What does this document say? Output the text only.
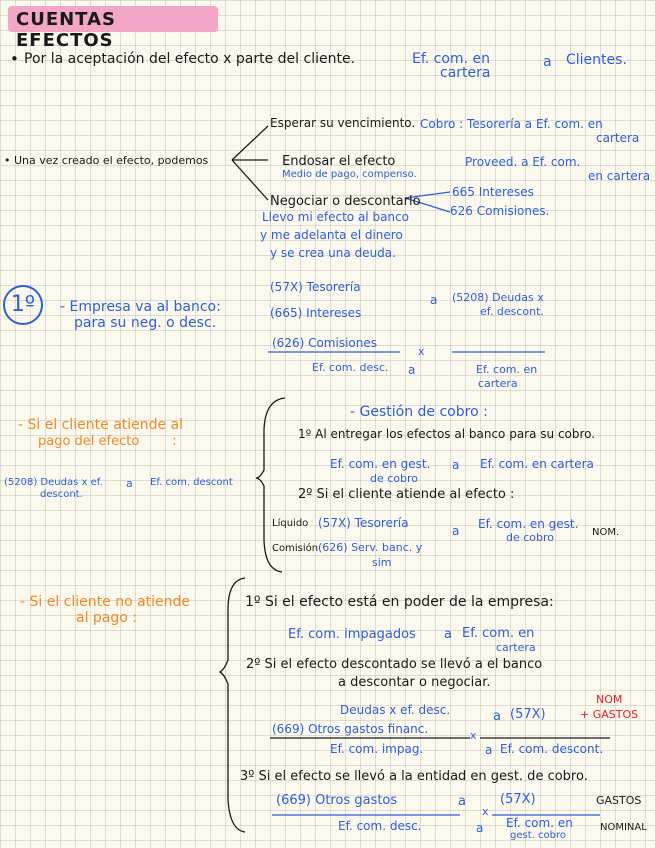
CUENTAS EFECTOS
• Por la aceptación del efecto x parte del cliente.	Ef. com. en
cartera
a Clientes.
• Una vez creado el efecto, podemos
Esperar su vencimiento. Cobro : Tesorería a Ef. com. en
cartera
Endosar el efecto
Medio de pago, compenso.
Proveed. a Ef. com.
en cartera
Negociar o descontarlo
665 Intereses
626 Comisiones.
Llevo mi efecto al banco
y me adelanta el dinero
y se crea una deuda.
1º	- Empresa va al banco:
para su neg. o desc.
(57X) Tesorería
(665) Intereses
(626) Comisiones
a (5208) Deudas x
ef. descont.
x
Ef. com. desc. a	Ef. com. en
cartera
- Si el cliente atiende al
pago del efecto :
(5208) Deudas x ef.
descont.
a Ef. com. descont
- Gestión de cobro :
1º Al entregar los efectos al banco para su cobro.
Ef. com. en gest.
de cobro
a Ef. com. en cartera
2º Si el cliente atiende al efecto :
Líquido (57X) Tesorería
Comisión (626) Serv. banc. y
sim
a Ef. com. en gest.
de cobro	NOM.
- Si el cliente no atiende
al pago :
1º Si el efecto está en poder de la empresa:
Ef. com. impagados a Ef. com. en
cartera
2º Si el efecto descontado se llevó a el banco
a descontar o negociar.
Deudas x ef. desc.
(669) Otros gastos financ.
a (57X)
NOM
+ GASTOS
x
Ef. com. impag.	a Ef. com. descont.
3º Si el efecto se llevó a la entidad en gest. de cobro.
(669) Otros gastos	a	(57X)	GASTOS
x
Ef. com. desc.	a Ef. com. en
gest. cobro
NOMINAL
